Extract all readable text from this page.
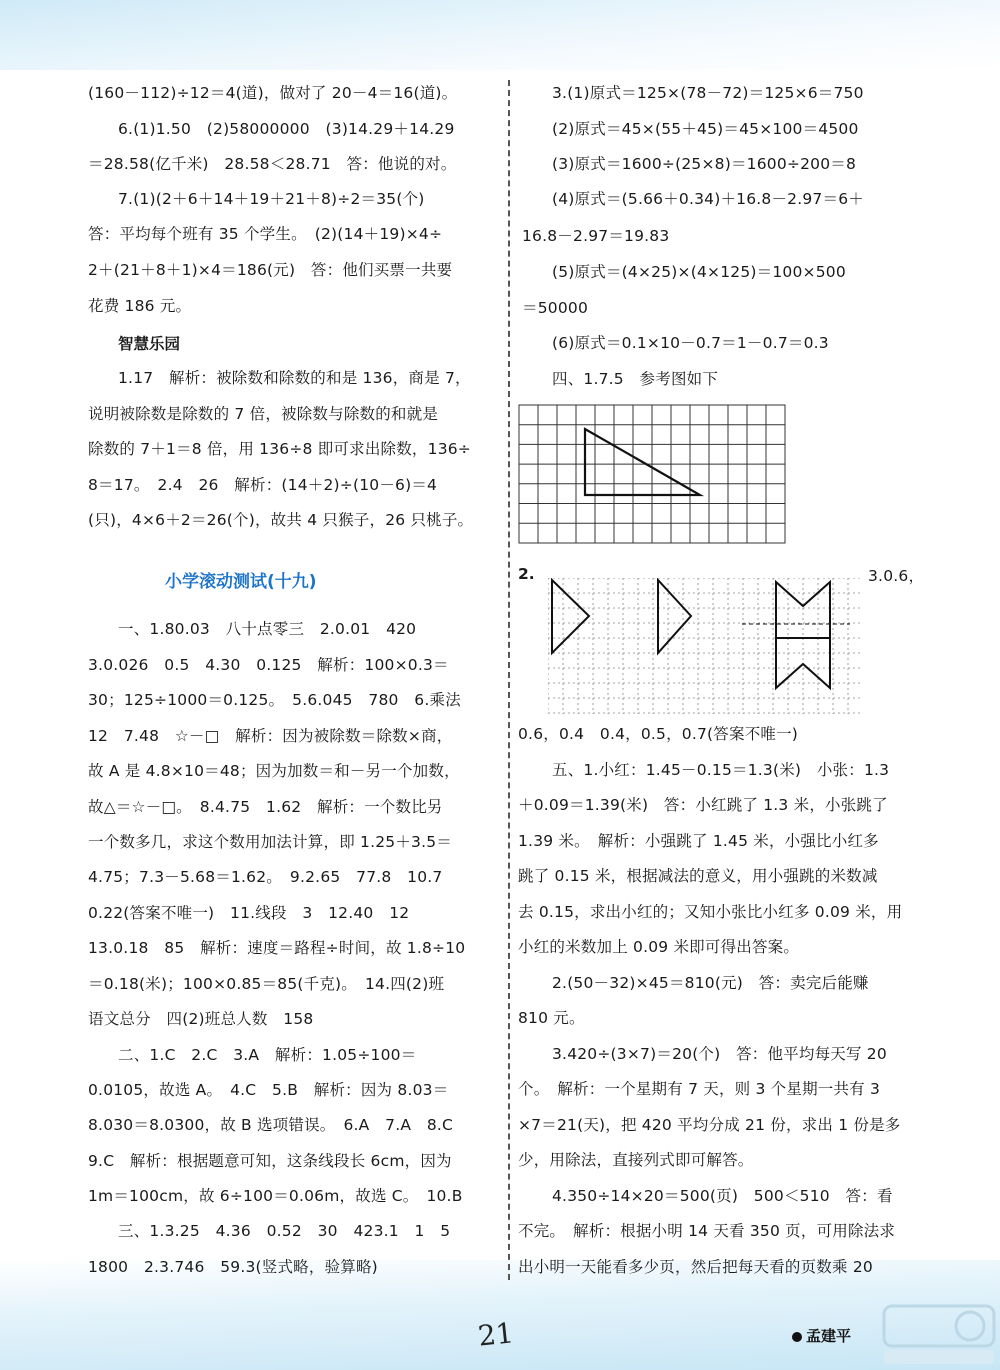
(160－112)÷12＝4(道)，做对了 20－4＝16(道)。
6.(1)1.50　(2)58000000　(3)14.29＋14.29
＝28.58(亿千米)　28.58＜28.71　答：他说的对。
7.(1)(2＋6＋14＋19＋21＋8)÷2＝35(个)
答：平均每个班有 35 个学生。　(2)(14＋19)×4÷
2＋(21＋8＋1)×4＝186(元)　答：他们买票一共要
花费 186 元。
智慧乐园
1.17　解析：被除数和除数的和是 136，商是 7，
说明被除数是除数的 7 倍，被除数与除数的和就是
除数的 7＋1＝8 倍，用 136÷8 即可求出除数，136÷
8＝17。　2.4　26　解析：(14＋2)÷(10－6)＝4
(只)，4×6＋2＝26(个)，故共 4 只猴子，26 只桃子。
小学滚动测试(十九)
一、1.80.03　八十点零三　2.0.01　420
3.0.026　0.5　4.30　0.125　解析：100×0.3＝
30；125÷1000＝0.125。　5.6.045　780　6.乘法
12　7.48　☆－□　解析：因为被除数＝除数×商，
故 A 是 4.8×10＝48；因为加数＝和－另一个加数，
故△＝☆－□。　8.4.75　1.62　解析：一个数比另
一个数多几，求这个数用加法计算，即 1.25＋3.5＝
4.75；7.3－5.68＝1.62。　9.2.65　77.8　10.7
0.22(答案不唯一)　11.线段　3　12.40　12
13.0.18　85　解析：速度＝路程÷时间，故 1.8÷10
＝0.18(米)；100×0.85＝85(千克)。　14.四(2)班
语文总分　四(2)班总人数　158
二、1.C　2.C　3.A　解析：1.05÷100＝
0.0105，故选 A。　4.C　5.B　解析：因为 8.03＝
8.030＝8.0300，故 B 选项错误。　6.A　7.A　8.C
9.C　解析：根据题意可知，这条线段长 6cm，因为
1m＝100cm，故 6÷100＝0.06m，故选 C。　10.B
三、1.3.25　4.36　0.52　30　423.1　1　5
1800　2.3.746　59.3(竖式略，验算略)
3.(1)原式＝125×(78－72)＝125×6＝750
(2)原式＝45×(55＋45)＝45×100＝4500
(3)原式＝1600÷(25×8)＝1600÷200＝8
(4)原式＝(5.66＋0.34)＋16.8－2.97＝6＋
16.8－2.97＝19.83
(5)原式＝(4×25)×(4×125)＝100×500
＝50000
(6)原式＝0.1×10－0.7＝1－0.7＝0.3
四、1.7.5　参考图如下
2.	3.0.6，
0.6，0.4　0.4，0.5，0.7(答案不唯一)
五、1.小红：1.45－0.15＝1.3(米)　小张：1.3
＋0.09＝1.39(米)　答：小红跳了 1.3 米，小张跳了
1.39 米。　解析：小强跳了 1.45 米，小强比小红多
跳了 0.15 米，根据减法的意义，用小强跳的米数减
去 0.15，求出小红的；又知小张比小红多 0.09 米，用
小红的米数加上 0.09 米即可得出答案。
2.(50－32)×45＝810(元)　答：卖完后能赚
810 元。
3.420÷(3×7)＝20(个)　答：他平均每天写 20
个。　解析：一个星期有 7 天，则 3 个星期一共有 3
×7＝21(天)，把 420 平均分成 21 份，求出 1 份是多
少，用除法，直接列式即可解答。
4.350÷14×20＝500(页)　500＜510　答：看
不完。　解析：根据小明 14 天看 350 页，可用除法求
出小明一天能看多少页，然后把每天看的页数乘 20
21	孟建平
